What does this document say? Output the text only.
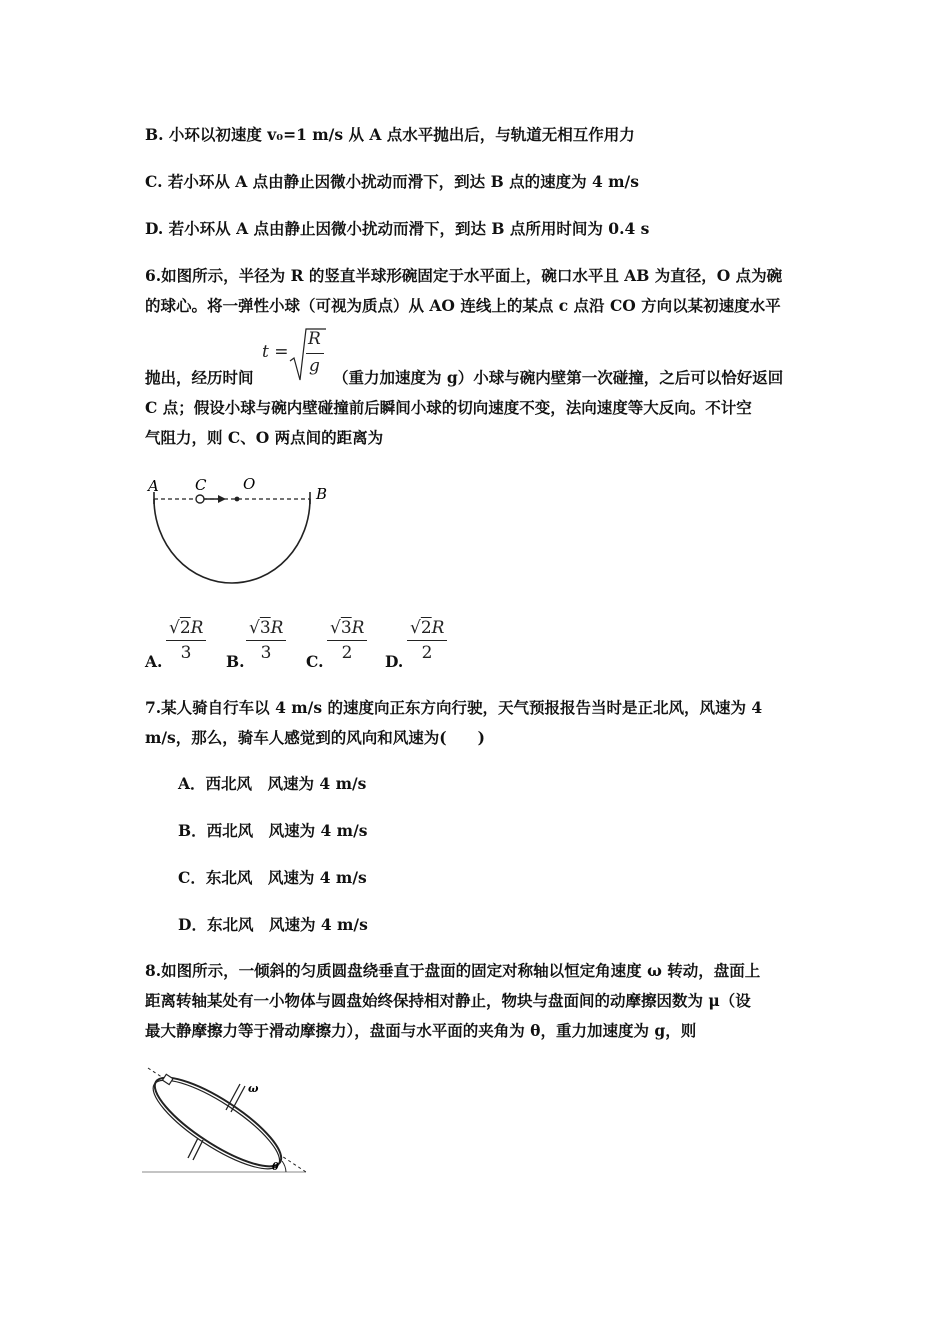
B. 小环以初速度 v₀=1 m/s 从 A 点水平抛出后，与轨道无相互作用力
C. 若小环从 A 点由静止因微小扰动而滑下，到达 B 点的速度为 4 m/s
D. 若小环从 A 点由静止因微小扰动而滑下，到达 B 点所用时间为 0.4 s
6.如图所示，半径为 R 的竖直半球形碗固定于水平面上，碗口水平且 AB 为直径，O 点为碗
的球心。将一弹性小球（可视为质点）从 AO 连线上的某点 c 点沿 CO 方向以某初速度水平
抛出，经历时间
t =
R
g
（重力加速度为 g）小球与碗内壁第一次碰撞，之后可以恰好返回
C 点；假设小球与碗内壁碰撞前后瞬间小球的切向速度不变，法向速度等大反向。不计空
气阻力，则 C、O 两点间的距离为
A C O
B
A. $\frac{√2R}{3} B$. $\frac{√3R}{3} C$. $\frac{√3R}{2} D$. $\frac{√2R}{2}$
7.某人骑自行车以 4 m/s 的速度向正东方向行驶，天气预报报告当时是正北风，风速为 4
m/s，那么，骑车人感觉到的风向和风速为(　　)
A．西北风　风速为 4 m/s
B．西北风　风速为 4 m/s
C．东北风　风速为 4 m/s
D．东北风　风速为 4 m/s
8.如图所示，一倾斜的匀质圆盘绕垂直于盘面的固定对称轴以恒定角速度 ω 转动，盘面上
距离转轴某处有一小物体与圆盘始终保持相对静止，物块与盘面间的动摩擦因数为 μ（设
最大静摩擦力等于滑动摩擦力），盘面与水平面的夹角为 θ，重力加速度为 g，则
ω
θ
